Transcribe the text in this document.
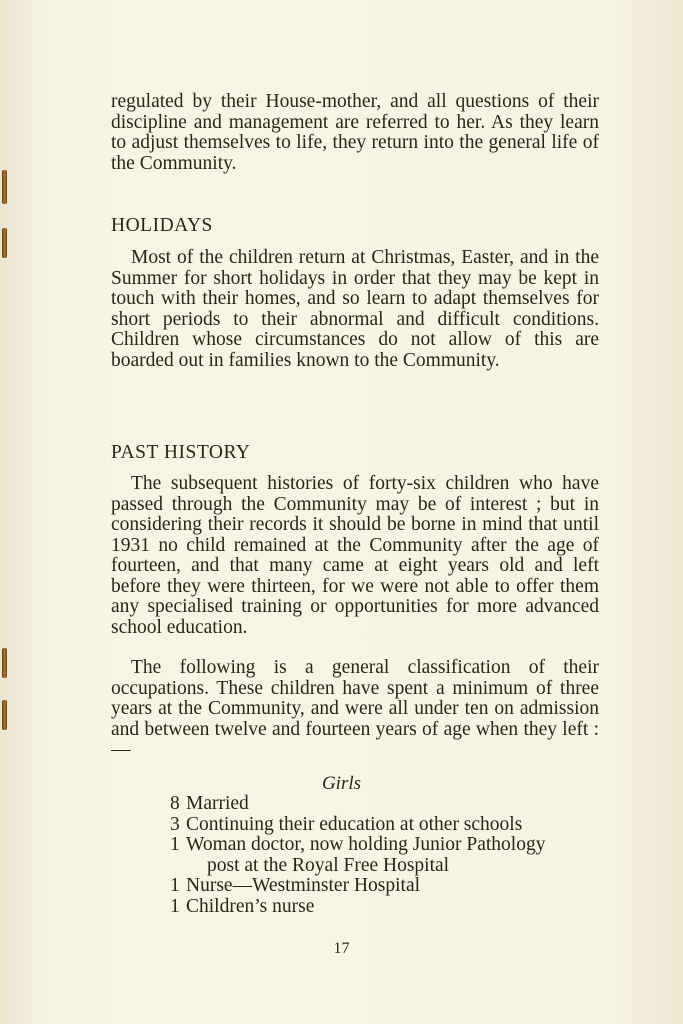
regulated by their House-mother, and all questions of their discipline and management are referred to her. As they learn to adjust themselves to life, they return into the general life of the Community.

HOLIDAYS

Most of the children return at Christmas, Easter, and in the Summer for short holidays in order that they may be kept in touch with their homes, and so learn to adapt themselves for short periods to their abnormal and difficult conditions. Children whose circumstances do not allow of this are boarded out in families known to the Community.

PAST HISTORY

The subsequent histories of forty-six children who have passed through the Community may be of interest ; but in considering their records it should be borne in mind that until 1931 no child remained at the Community after the age of fourteen, and that many came at eight years old and left before they were thirteen, for we were not able to offer them any specialised training or opportunities for more advanced school education.

The following is a general classification of their occupations. These children have spent a minimum of three years at the Community, and were all under ten on admission and between twelve and fourteen years of age when they left :—

Girls
8 Married
3 Continuing their education at other schools
1 Woman doctor, now holding Junior Pathology
post at the Royal Free Hospital
1 Nurse—Westminster Hospital
1 Children’s nurse
17
